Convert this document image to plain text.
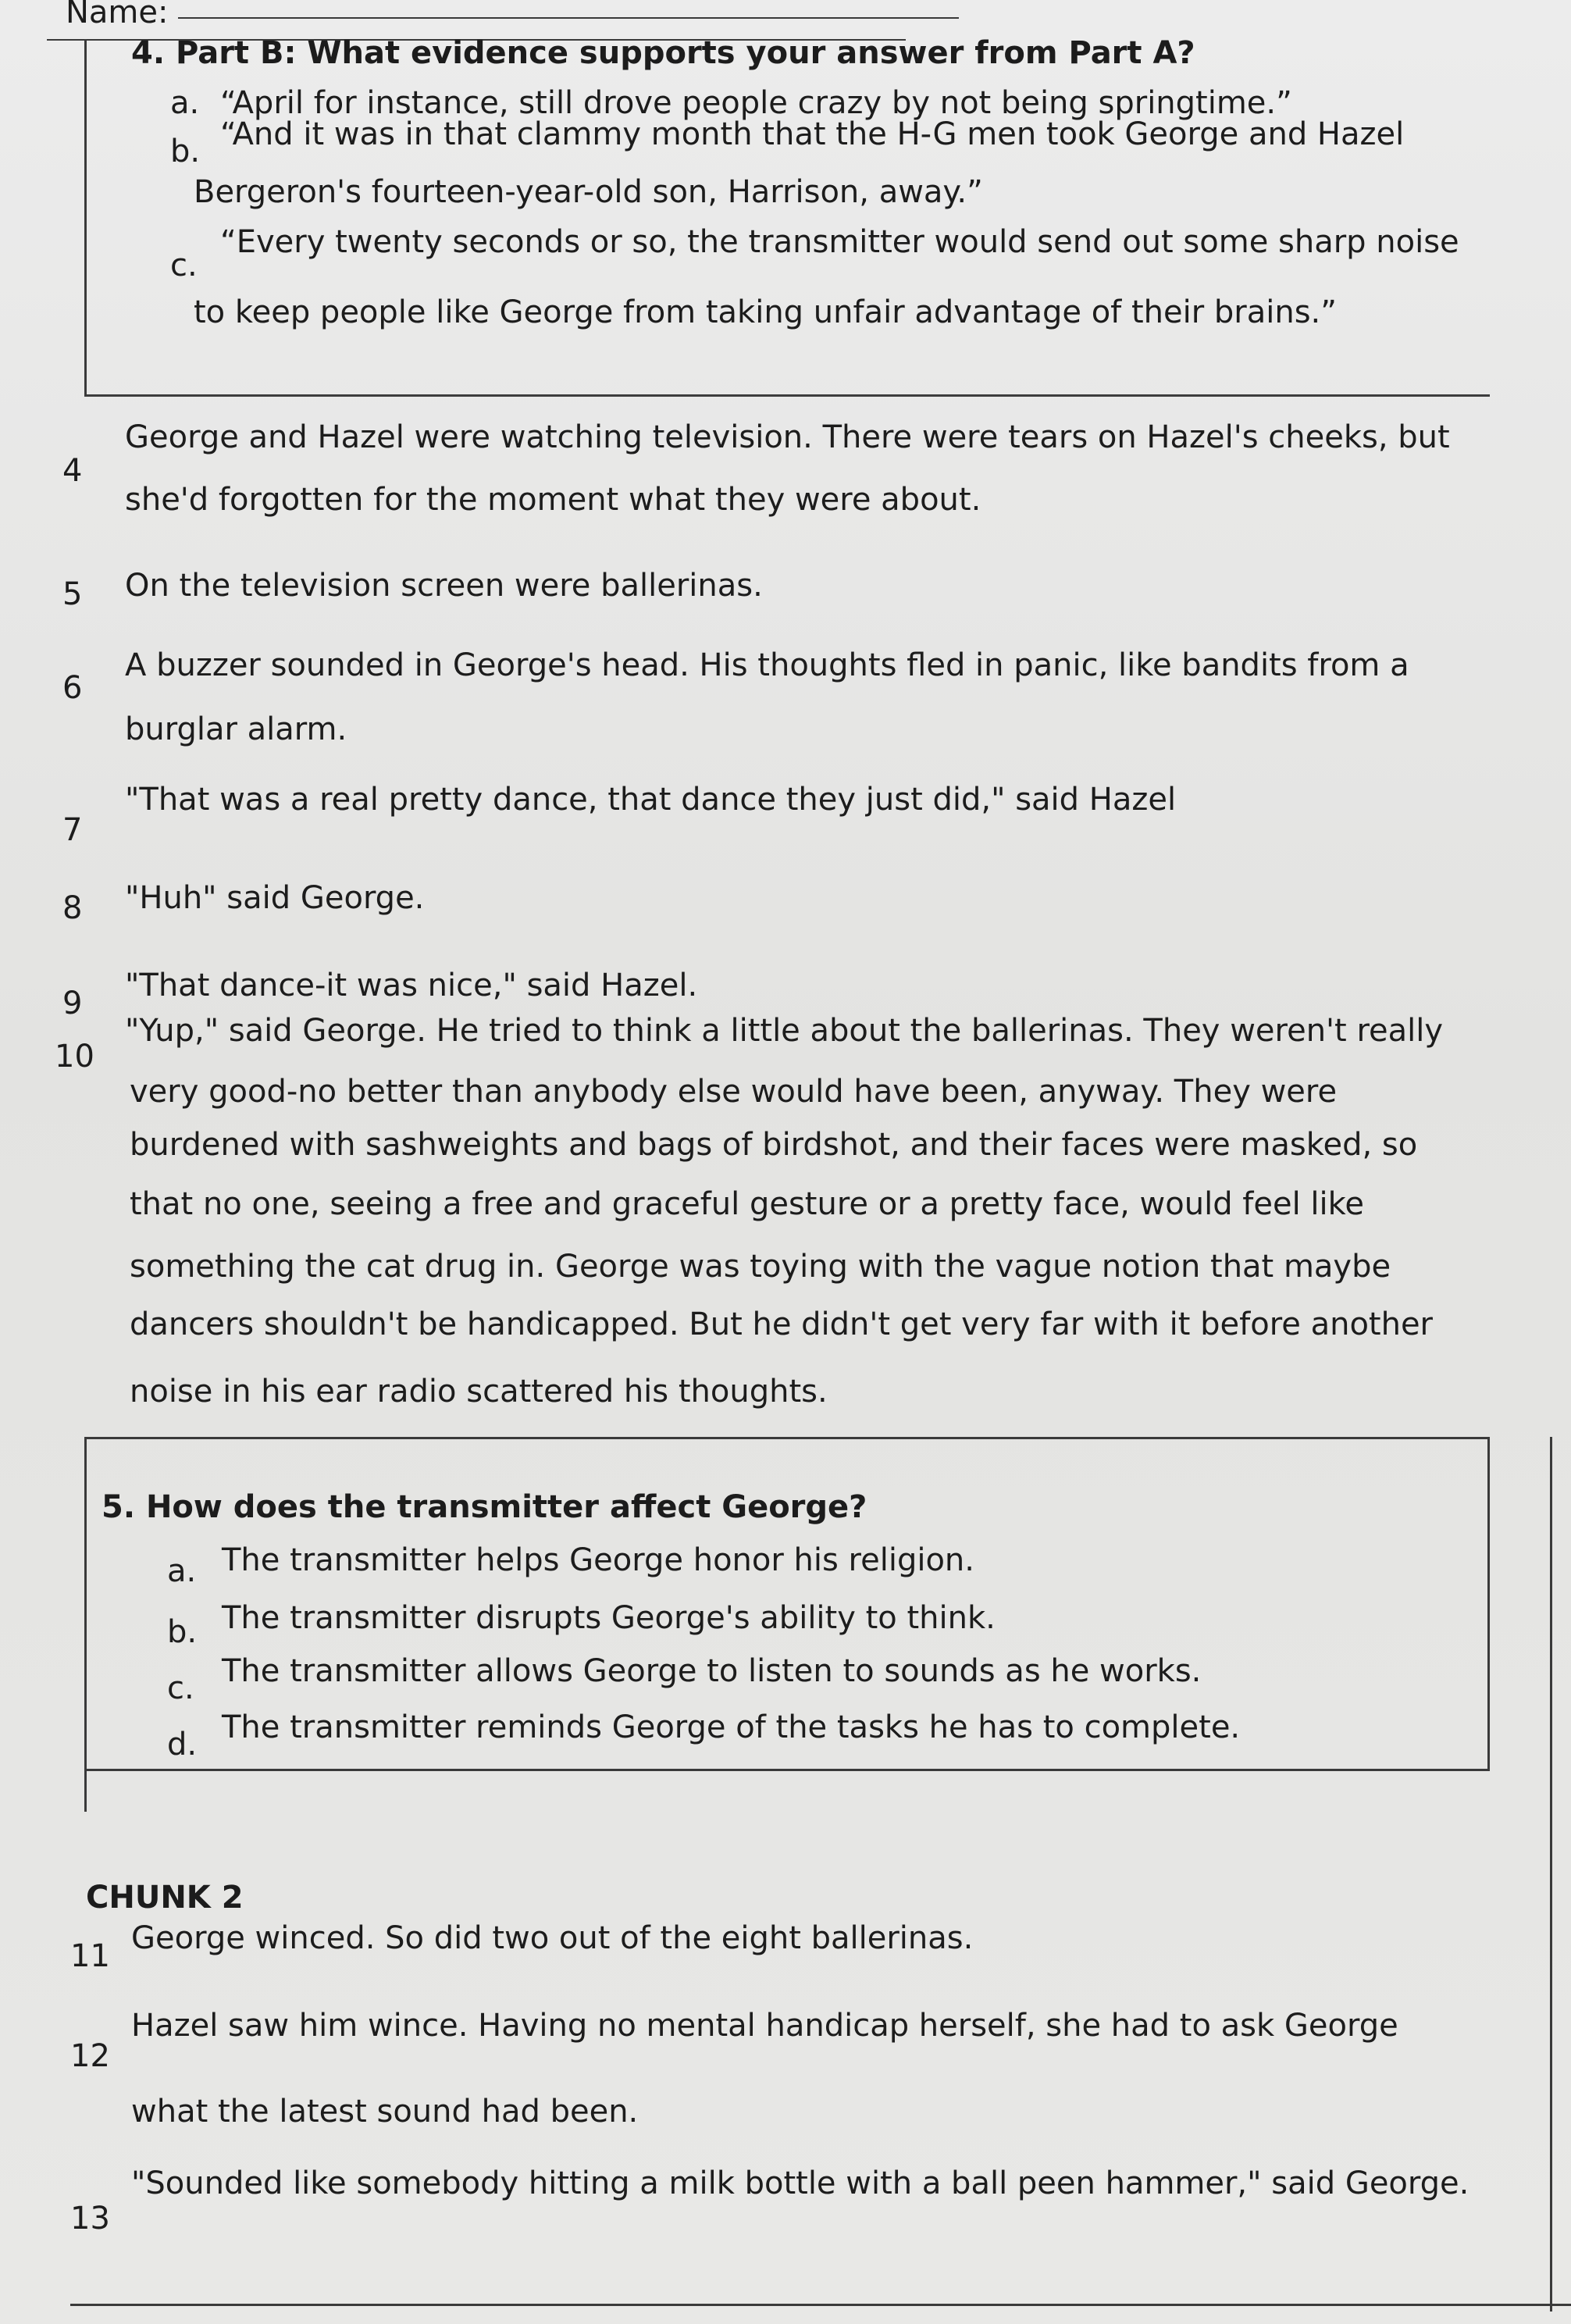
Name:
4. Part B: What evidence supports your answer from Part A?
a. “April for instance, still drove people crazy by not being springtime.”
b. “And it was in that clammy month that the H-G men took George and Hazel
Bergeron's fourteen-year-old son, Harrison, away.”
c.
“Every twenty seconds or so, the transmitter would send out some sharp noise
to keep people like George from taking unfair advantage of their brains.”
4
George and Hazel were watching television. There were tears on Hazel's cheeks, but
she'd forgotten for the moment what they were about.
5 On the television screen were ballerinas.
6
A buzzer sounded in George's head. His thoughts fled in panic, like bandits from a
burglar alarm.
7
"That was a real pretty dance, that dance they just did," said Hazel
8 "Huh" said George.
9 "That dance-it was nice," said Hazel.
10
"Yup," said George. He tried to think a little about the ballerinas. They weren't really
very good-no better than anybody else would have been, anyway. They were
burdened with sashweights and bags of birdshot, and their faces were masked, so
that no one, seeing a free and graceful gesture or a pretty face, would feel like
something the cat drug in. George was toying with the vague notion that maybe
dancers shouldn't be handicapped. But he didn't get very far with it before another
noise in his ear radio scattered his thoughts.
5. How does the transmitter affect George?
a. The transmitter helps George honor his religion.
b. The transmitter disrupts George's ability to think.
c. The transmitter allows George to listen to sounds as he works.
d. The transmitter reminds George of the tasks he has to complete.
CHUNK 2
11 George winced. So did two out of the eight ballerinas.
12
Hazel saw him wince. Having no mental handicap herself, she had to ask George
what the latest sound had been.
13
"Sounded like somebody hitting a milk bottle with a ball peen hammer," said George.
